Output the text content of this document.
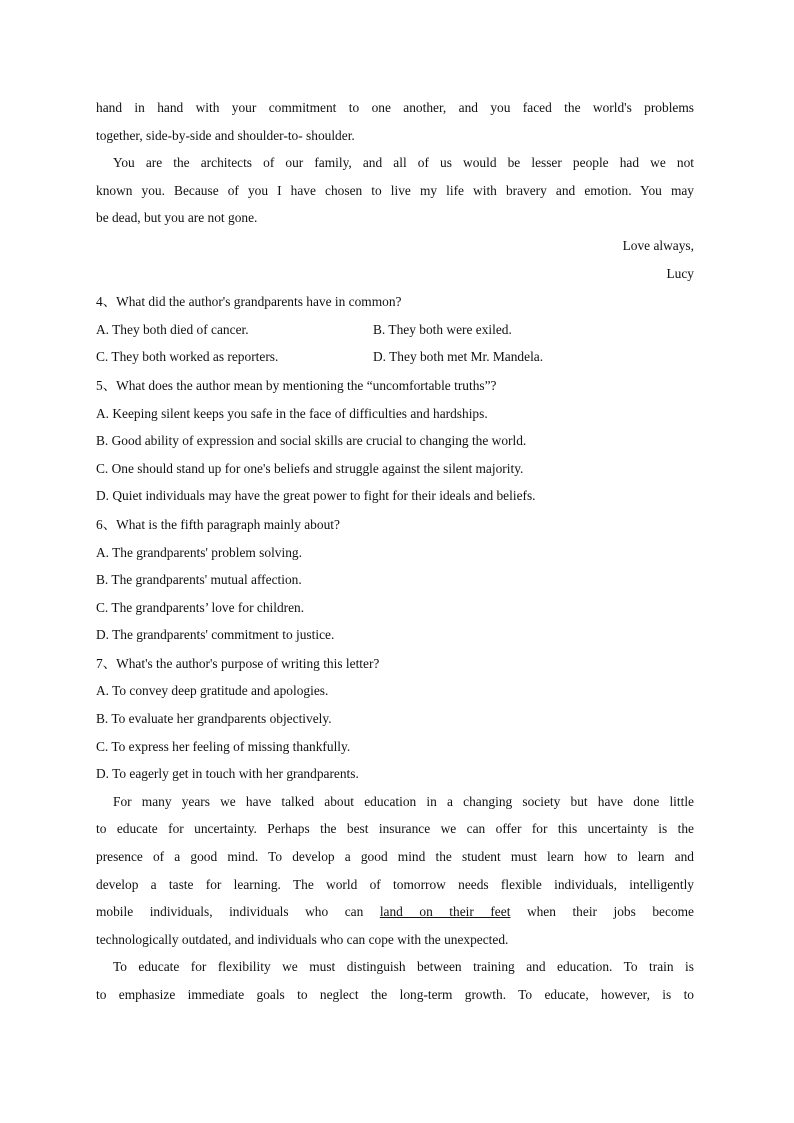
hand in hand with your commitment to one another, and you faced the world's problems
together, side-by-side and shoulder-to- shoulder.
You are the architects of our family, and all of us would be lesser people had we not
known you. Because of you I have chosen to live my life with bravery and emotion. You may
be dead, but you are not gone.
Love always,
Lucy
4、What did the author's grandparents have in common?
A. They both died of cancer.	B. They both were exiled.
C. They both worked as reporters.	D. They both met Mr. Mandela.
5、What does the author mean by mentioning the “uncomfortable truths”?
A. Keeping silent keeps you safe in the face of difficulties and hardships.
B. Good ability of expression and social skills are crucial to changing the world.
C. One should stand up for one's beliefs and struggle against the silent majority.
D. Quiet individuals may have the great power to fight for their ideals and beliefs.
6、What is the fifth paragraph mainly about?
A. The grandparents' problem solving.
B. The grandparents' mutual affection.
C. The grandparents’ love for children.
D. The grandparents' commitment to justice.
7、What's the author's purpose of writing this letter?
A. To convey deep gratitude and apologies.
B. To evaluate her grandparents objectively.
C. To express her feeling of missing thankfully.
D. To eagerly get in touch with her grandparents.
For many years we have talked about education in a changing society but have done little
to educate for uncertainty. Perhaps the best insurance we can offer for this uncertainty is the
presence of a good mind. To develop a good mind the student must learn how to learn and
develop a taste for learning. The world of tomorrow needs flexible individuals, intelligently
mobile individuals, individuals who can land on their feet when their jobs become
technologically outdated, and individuals who can cope with the unexpected.
To educate for flexibility we must distinguish between training and education. To train is
to emphasize immediate goals to neglect the long-term growth. To educate, however, is to
